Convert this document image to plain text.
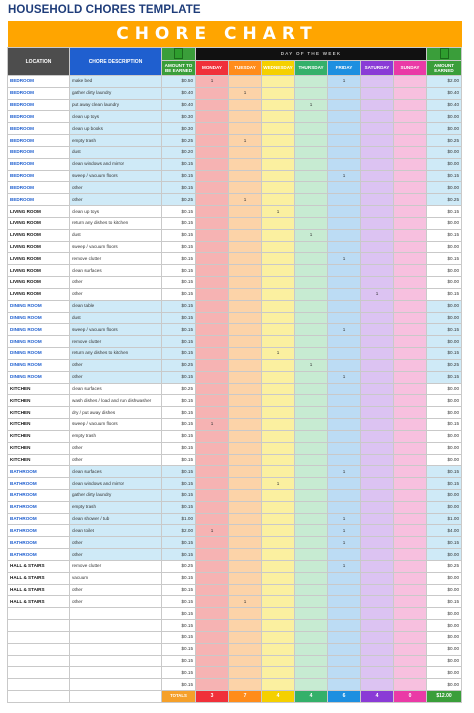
HOUSEHOLD CHORES TEMPLATE
CHORE CHART										
LOCATION	CHORE DESCRIPTION		DAY OF THE WEEK							
		AMOUNT TO BE EARNED	MONDAY	TUESDAY	WEDNESDAY	THURSDAY	FRIDAY	SATURDAY	SUNDAY	AMOUNT EARNED
BEDROOM	make bed	$0.50	1				1			$2.00
BEDROOM	gather dirty laundry	$0.40		1						$0.40
BEDROOM	put away clean laundry	$0.40				1				$0.40
BEDROOM	clean up toys	$0.30								$0.00
BEDROOM	clean up books	$0.30								$0.00
BEDROOM	empty trash	$0.25		1						$0.25
BEDROOM	dust	$0.20								$0.00
BEDROOM	clean windows and mirror	$0.15								$0.00
BEDROOM	sweep / vacuum floors	$0.15					1			$0.15
BEDROOM	other	$0.15								$0.00
BEDROOM	other	$0.25		1						$0.25
LIVING ROOM	clean up toys	$0.15			1					$0.15
LIVING ROOM	return any dishes to kitchen	$0.15								$0.00
LIVING ROOM	dust	$0.15				1				$0.15
LIVING ROOM	sweep / vacuum floors	$0.15								$0.00
LIVING ROOM	remove clutter	$0.15					1			$0.15
LIVING ROOM	clean surfaces	$0.15								$0.00
LIVING ROOM	other	$0.15								$0.00
LIVING ROOM	other	$0.15						1		$0.15
DINING ROOM	clean table	$0.15								$0.00
DINING ROOM	dust	$0.15								$0.00
DINING ROOM	sweep / vacuum floors	$0.15					1			$0.15
DINING ROOM	remove clutter	$0.15								$0.00
DINING ROOM	return any dishes to kitchen	$0.15			1					$0.15
DINING ROOM	other	$0.25				1				$0.25
DINING ROOM	other	$0.15					1			$0.15
KITCHEN	clean surfaces	$0.25								$0.00
KITCHEN	wash dishes / load and run dishwasher	$0.15								$0.00
KITCHEN	dry / put away dishes	$0.15								$0.00
KITCHEN	sweep / vacuum floors	$0.15	1							$0.15
KITCHEN	empty trash	$0.15								$0.00
KITCHEN	other	$0.15								$0.00
KITCHEN	other	$0.15								$0.00
BATHROOM	clean surfaces	$0.15					1			$0.15
BATHROOM	clean windows and mirror	$0.15			1					$0.15
BATHROOM	gather dirty laundry	$0.15								$0.00
BATHROOM	empty trash	$0.15								$0.00
BATHROOM	clean shower / tub	$1.00					1			$1.00
BATHROOM	clean toilet	$2.00	1				1			$4.00
BATHROOM	other	$0.15					1			$0.15
BATHROOM	other	$0.15								$0.00
HALL & STAIRS	remove clutter	$0.25					1			$0.25
HALL & STAIRS	vacuum	$0.15								$0.00
HALL & STAIRS	other	$0.15								$0.00
HALL & STAIRS	other	$0.15		1						$0.15
		$0.15								$0.00
		$0.15								$0.00
		$0.15								$0.00
		$0.15								$0.00
		$0.15								$0.00
		$0.15								$0.00
		$0.15								$0.00
		TOTALS	3	7	4	4	6	4	0	$12.00
